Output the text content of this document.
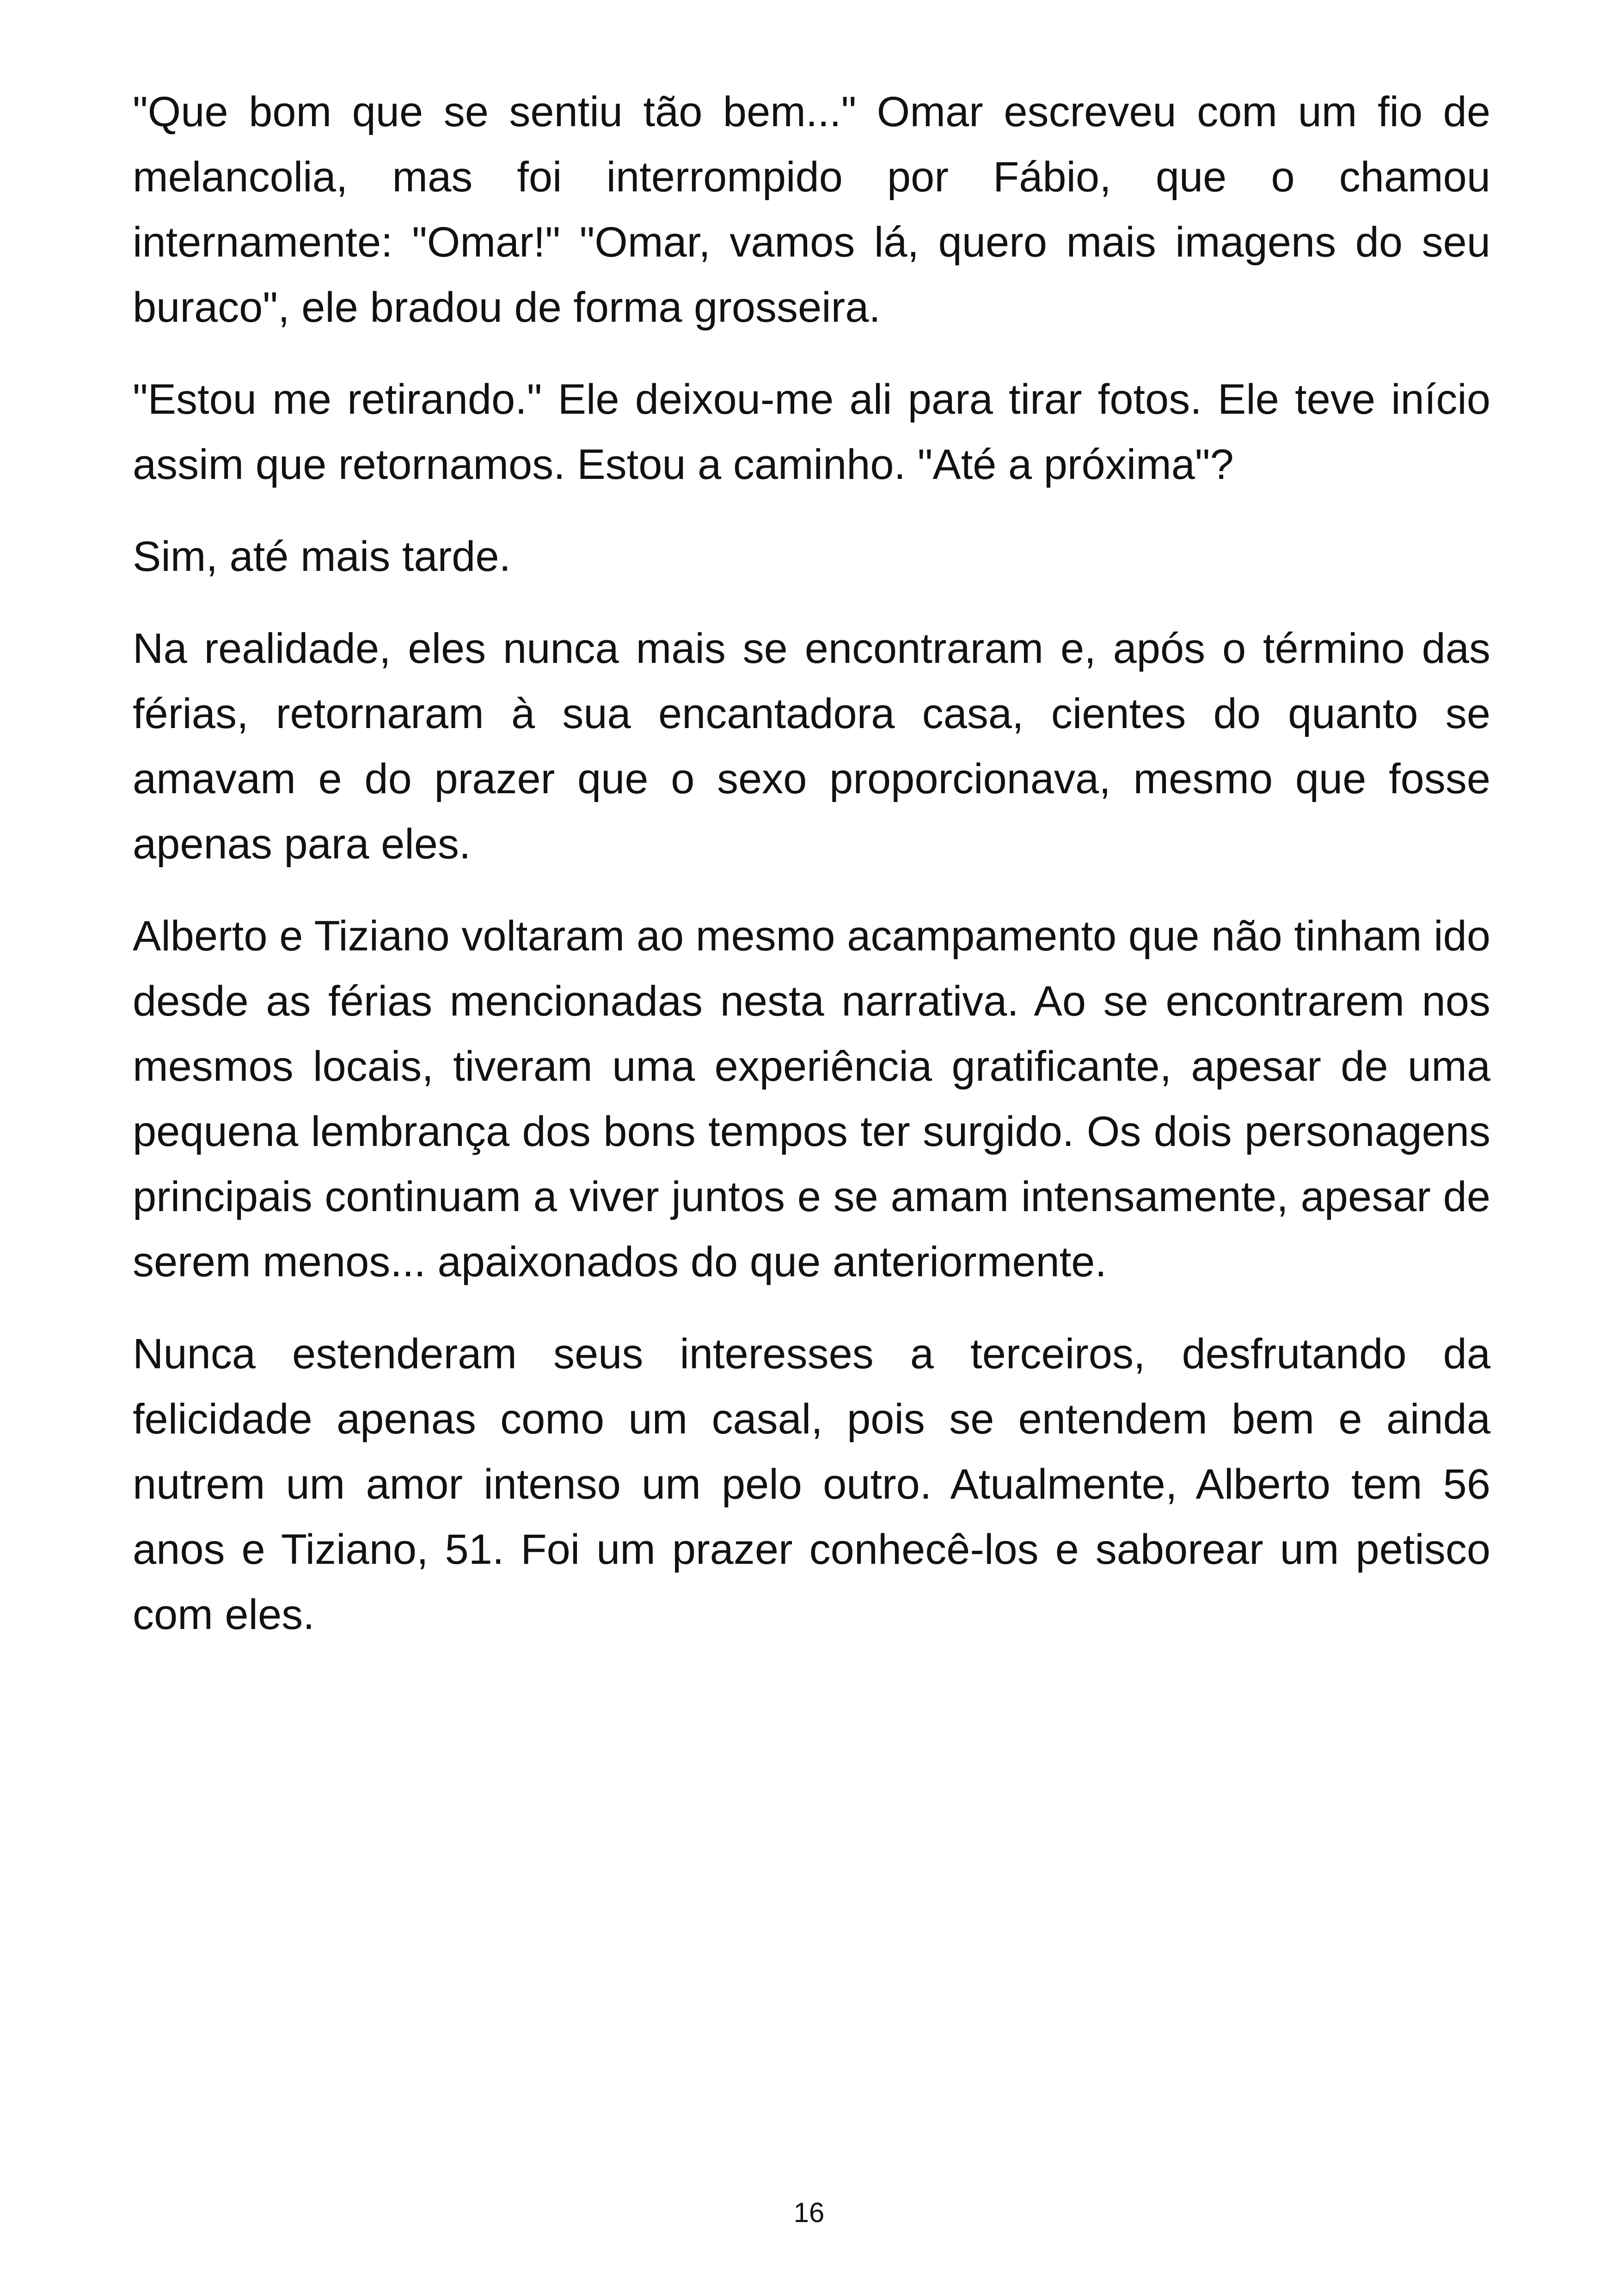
"Que bom que se sentiu tão bem..." Omar escreveu com um fio de melancolia, mas foi interrompido por Fábio, que o chamou internamente: "Omar!" "Omar, vamos lá, quero mais imagens do seu buraco", ele bradou de forma grosseira.

"Estou me retirando." Ele deixou-me ali para tirar fotos. Ele teve início assim que retornamos. Estou a caminho. "Até a próxima"?

Sim, até mais tarde.

Na realidade, eles nunca mais se encontraram e, após o término das férias, retornaram à sua encantadora casa, cientes do quanto se amavam e do prazer que o sexo proporcionava, mesmo que fosse apenas para eles.

Alberto e Tiziano voltaram ao mesmo acampamento que não tinham ido desde as férias mencionadas nesta narrativa. Ao se encontrarem nos mesmos locais, tiveram uma experiência gratificante, apesar de uma pequena lembrança dos bons tempos ter surgido. Os dois personagens principais continuam a viver juntos e se amam intensamente, apesar de serem menos... apaixonados do que anteriormente.

Nunca estenderam seus interesses a terceiros, desfrutando da felicidade apenas como um casal, pois se entendem bem e ainda nutrem um amor intenso um pelo outro. Atualmente, Alberto tem 56 anos e Tiziano, 51. Foi um prazer conhecê-los e saborear um petisco com eles.

16
